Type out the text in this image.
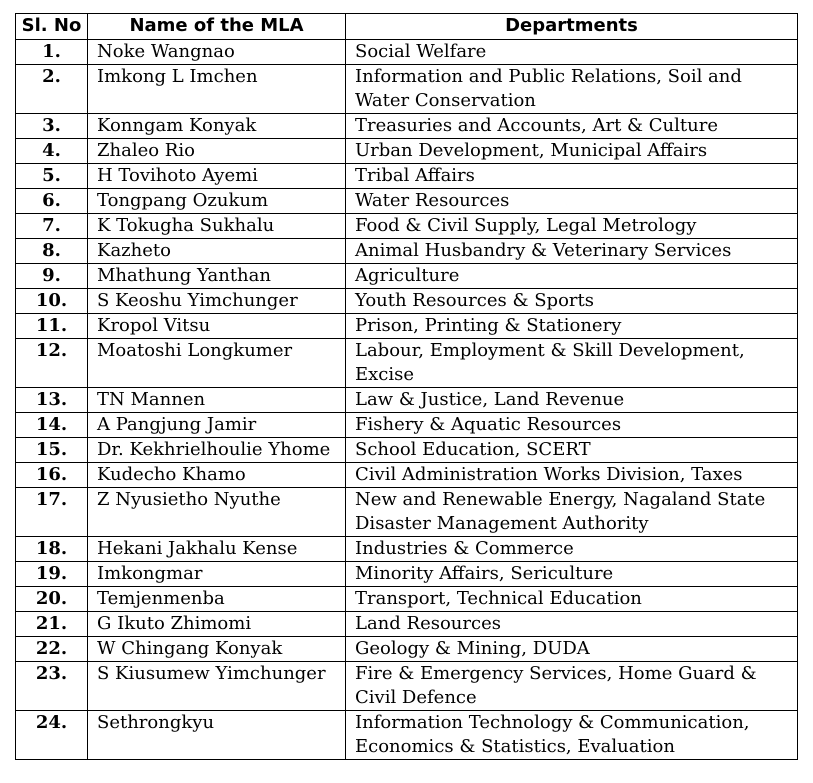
Sl. No	Name of the MLA	Departments
1.	Noke Wangnao	Social Welfare
2.	Imkong L Imchen	Information and Public Relations, Soil and Water Conservation
3.	Konngam Konyak	Treasuries and Accounts, Art & Culture
4.	Zhaleo Rio	Urban Development, Municipal Affairs
5.	H Tovihoto Ayemi	Tribal Affairs
6.	Tongpang Ozukum	Water Resources
7.	K Tokugha Sukhalu	Food & Civil Supply, Legal Metrology
8.	Kazheto	Animal Husbandry & Veterinary Services
9.	Mhathung Yanthan	Agriculture
10.	S Keoshu Yimchunger	Youth Resources & Sports
11.	Kropol Vitsu	Prison, Printing & Stationery
12.	Moatoshi Longkumer	Labour, Employment & Skill Development, Excise
13.	TN Mannen	Law & Justice, Land Revenue
14.	A Pangjung Jamir	Fishery & Aquatic Resources
15.	Dr. Kekhrielhoulie Yhome	School Education, SCERT
16.	Kudecho Khamo	Civil Administration Works Division, Taxes
17.	Z Nyusietho Nyuthe	New and Renewable Energy, Nagaland State Disaster Management Authority
18.	Hekani Jakhalu Kense	Industries & Commerce
19.	Imkongmar	Minority Affairs, Sericulture
20.	Temjenmenba	Transport, Technical Education
21.	G Ikuto Zhimomi	Land Resources
22.	W Chingang Konyak	Geology & Mining, DUDA
23.	S Kiusumew Yimchunger	Fire & Emergency Services, Home Guard & Civil Defence
24.	Sethrongkyu	Information Technology & Communication, Economics & Statistics, Evaluation
